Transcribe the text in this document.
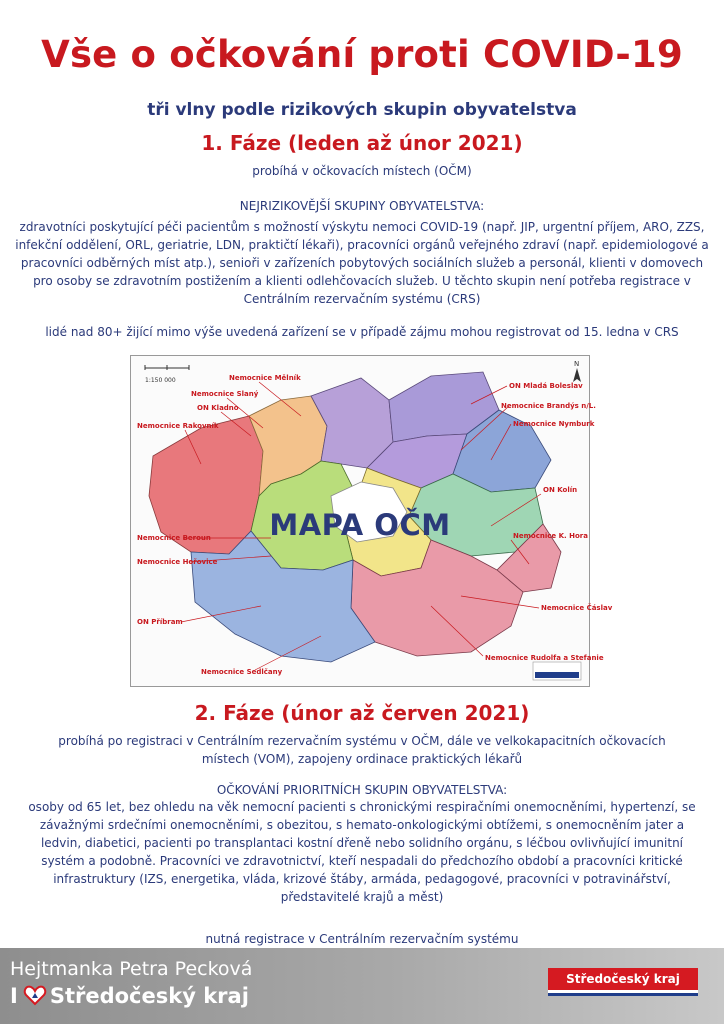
Vše o očkování proti COVID-19
tři vlny podle rizikových skupin obyvatelstva
1. Fáze (leden až únor 2021)
probíhá v očkovacích místech (OČM)
NEJRIZIKOVĚJŠÍ SKUPINY OBYVATELSTVA:
zdravotníci poskytující péči pacientům s možností výskytu nemoci COVID-19 (např. JIP, urgentní příjem, ARO, ZZS, infekční oddělení, ORL, geriatrie, LDN, praktičtí lékaři), pracovníci orgánů veřejného zdraví (např. epidemiologové a pracovníci odběrných míst atp.), senioři v zařízeních pobytových sociálních služeb a personál, klienti v domovech pro osoby se zdravotním postižením a klienti odlehčovacích služeb. U těchto skupin není potřeba registrace v Centrálním rezervačním systému (CRS)
lidé nad 80+ žijící mimo výše uvedená zařízení se v případě zájmu mohou registrovat od 15. ledna v CRS
1:150 000
N
Nemocnice Mělník
Nemocnice Slaný
ON Kladno
Nemocnice Rakovník
ON Mladá Boleslav
Nemocnice Brandýs n/L.
Nemocnice Nymburk
ON Kolín
Nemocnice Beroun
Nemocnice Hořovice
Nemocnice K. Hora
Nemocnice Čáslav
ON Příbram
Nemocnice Rudolfa a Stefanie
Nemocnice Sedlčany
MAPA OČM
2. Fáze (únor až červen 2021)
probíhá po registraci v Centrálním rezervačním systému v OČM, dále ve velkokapacitních očkovacích místech (VOM), zapojeny ordinace praktických lékařů
OČKOVÁNÍ PRIORITNÍCH SKUPIN OBYVATELSTVA:
osoby od 65 let, bez ohledu na věk nemocní pacienti s chronickými respiračními onemocněními, hypertenzí, se závažnými srdečními onemocněními, s obezitou, s hemato-onkologickými obtížemi, s onemocněním jater a ledvin, diabetici, pacienti po transplantaci kostní dřeně nebo solidního orgánu, s léčbou ovlivňující imunitní systém a podobně. Pracovníci ve zdravotnictví, kteří nespadali do předchozího období a pracovníci kritické infrastruktury (IZS, energetika, vláda, krizové štáby, armáda, pedagogové, pracovníci v potravinářství, představitelé krajů a měst)
nutná registrace v Centrálním rezervačním systému
Hejtmanka Petra Pecková
I Středočeský kraj
Středočeský kraj
